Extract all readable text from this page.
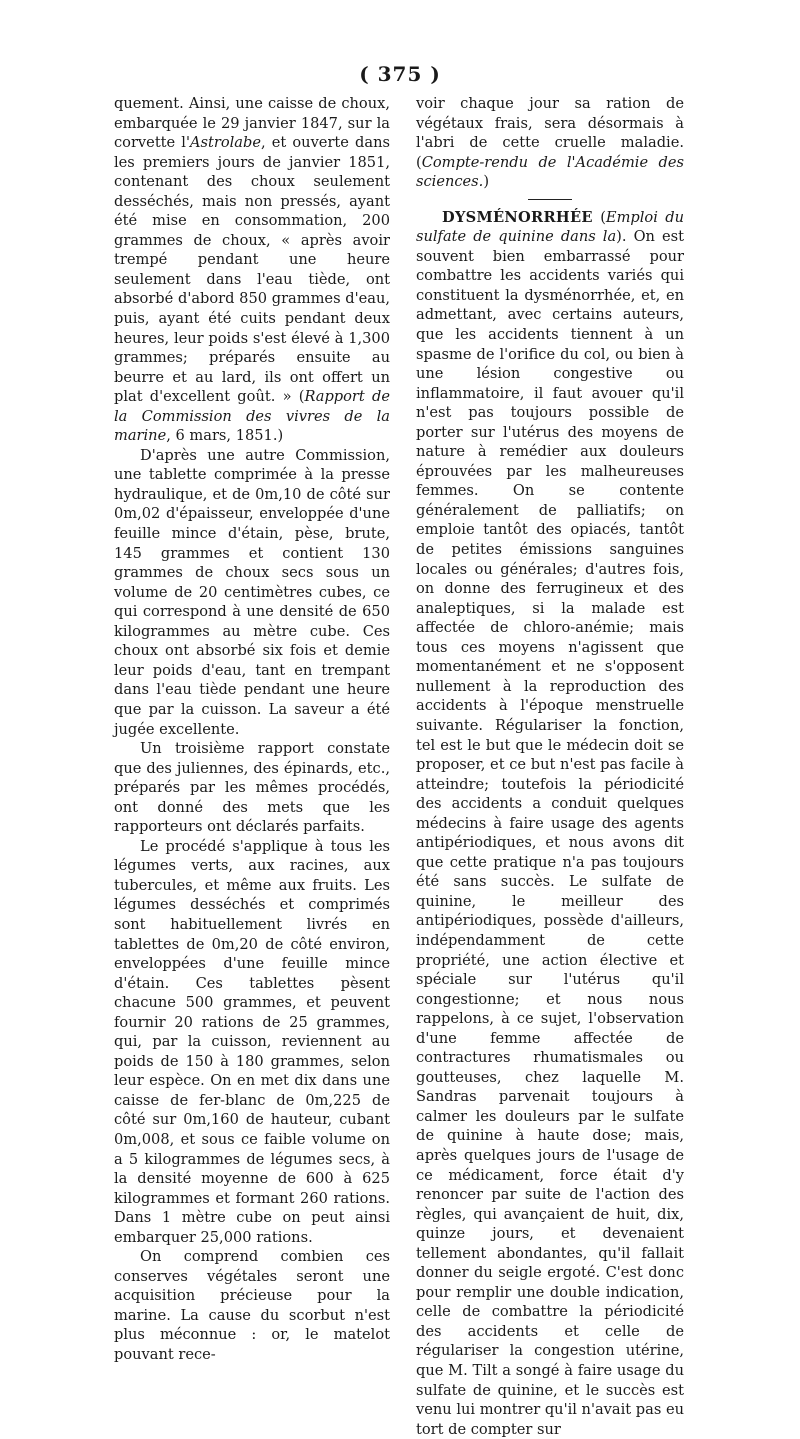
( 375 )

quement. Ainsi, une caisse de choux, embarquée le 29 janvier 1847, sur la corvette l'Astrolabe, et ouverte dans les premiers jours de janvier 1851, contenant des choux seulement desséchés, mais non pressés, ayant été mise en consommation, 200 grammes de choux, « après avoir trempé pendant une heure seulement dans l'eau tiède, ont absorbé d'abord 850 grammes d'eau, puis, ayant été cuits pendant deux heures, leur poids s'est élevé à 1,300 grammes; préparés ensuite au beurre et au lard, ils ont offert un plat d'excellent goût. » (Rapport de la Commission des vivres de la marine, 6 mars, 1851.)

D'après une autre Commission, une tablette comprimée à la presse hydraulique, et de 0m,10 de côté sur 0m,02 d'épaisseur, enveloppée d'une feuille mince d'étain, pèse, brute, 145 grammes et contient 130 grammes de choux secs sous un volume de 20 centimètres cubes, ce qui correspond à une densité de 650 kilogrammes au mètre cube. Ces choux ont absorbé six fois et demie leur poids d'eau, tant en trempant dans l'eau tiède pendant une heure que par la cuisson. La saveur a été jugée excellente.

Un troisième rapport constate que des juliennes, des épinards, etc., préparés par les mêmes procédés, ont donné des mets que les rapporteurs ont déclarés parfaits.

Le procédé s'applique à tous les légumes verts, aux racines, aux tubercules, et même aux fruits. Les légumes desséchés et comprimés sont habituellement livrés en tablettes de 0m,20 de côté environ, enveloppées d'une feuille mince d'étain. Ces tablettes pèsent chacune 500 grammes, et peuvent fournir 20 rations de 25 grammes, qui, par la cuisson, reviennent au poids de 150 à 180 grammes, selon leur espèce. On en met dix dans une caisse de fer-blanc de 0m,225 de côté sur 0m,160 de hauteur, cubant 0m,008, et sous ce faible volume on a 5 kilogrammes de légumes secs, à la densité moyenne de 600 à 625 kilogrammes et formant 260 rations. Dans 1 mètre cube on peut ainsi embarquer 25,000 rations.

On comprend combien ces conserves végétales seront une acquisition précieuse pour la marine. La cause du scorbut n'est plus méconnue : or, le matelot pouvant rece-

voir chaque jour sa ration de végétaux frais, sera désormais à l'abri de cette cruelle maladie. (Compte-rendu de l'Académie des sciences.)

DYSMÉNORRHÉE (Emploi du sulfate de quinine dans la). On est souvent bien embarrassé pour combattre les accidents variés qui constituent la dysménorrhée, et, en admettant, avec certains auteurs, que les accidents tiennent à un spasme de l'orifice du col, ou bien à une lésion congestive ou inflammatoire, il faut avouer qu'il n'est pas toujours possible de porter sur l'utérus des moyens de nature à remédier aux douleurs éprouvées par les malheureuses femmes. On se contente généralement de palliatifs; on emploie tantôt des opiacés, tantôt de petites émissions sanguines locales ou générales; d'autres fois, on donne des ferrugineux et des analeptiques, si la malade est affectée de chloro-anémie; mais tous ces moyens n'agissent que momentanément et ne s'opposent nullement à la reproduction des accidents à l'époque menstruelle suivante. Régulariser la fonction, tel est le but que le médecin doit se proposer, et ce but n'est pas facile à atteindre; toutefois la périodicité des accidents a conduit quelques médecins à faire usage des agents antipériodiques, et nous avons dit que cette pratique n'a pas toujours été sans succès. Le sulfate de quinine, le meilleur des antipériodiques, possède d'ailleurs, indépendamment de cette propriété, une action élective et spéciale sur l'utérus qu'il congestionne; et nous nous rappelons, à ce sujet, l'observation d'une femme affectée de contractures rhumatismales ou goutteuses, chez laquelle M. Sandras parvenait toujours à calmer les douleurs par le sulfate de quinine à haute dose; mais, après quelques jours de l'usage de ce médicament, force était d'y renoncer par suite de l'action des règles, qui avançaient de huit, dix, quinze jours, et devenaient tellement abondantes, qu'il fallait donner du seigle ergoté. C'est donc pour remplir une double indication, celle de combattre la périodicité des accidents et celle de régulariser la congestion utérine, que M. Tilt a songé à faire usage du sulfate de quinine, et le succès est venu lui montrer qu'il n'avait pas eu tort de compter sur
